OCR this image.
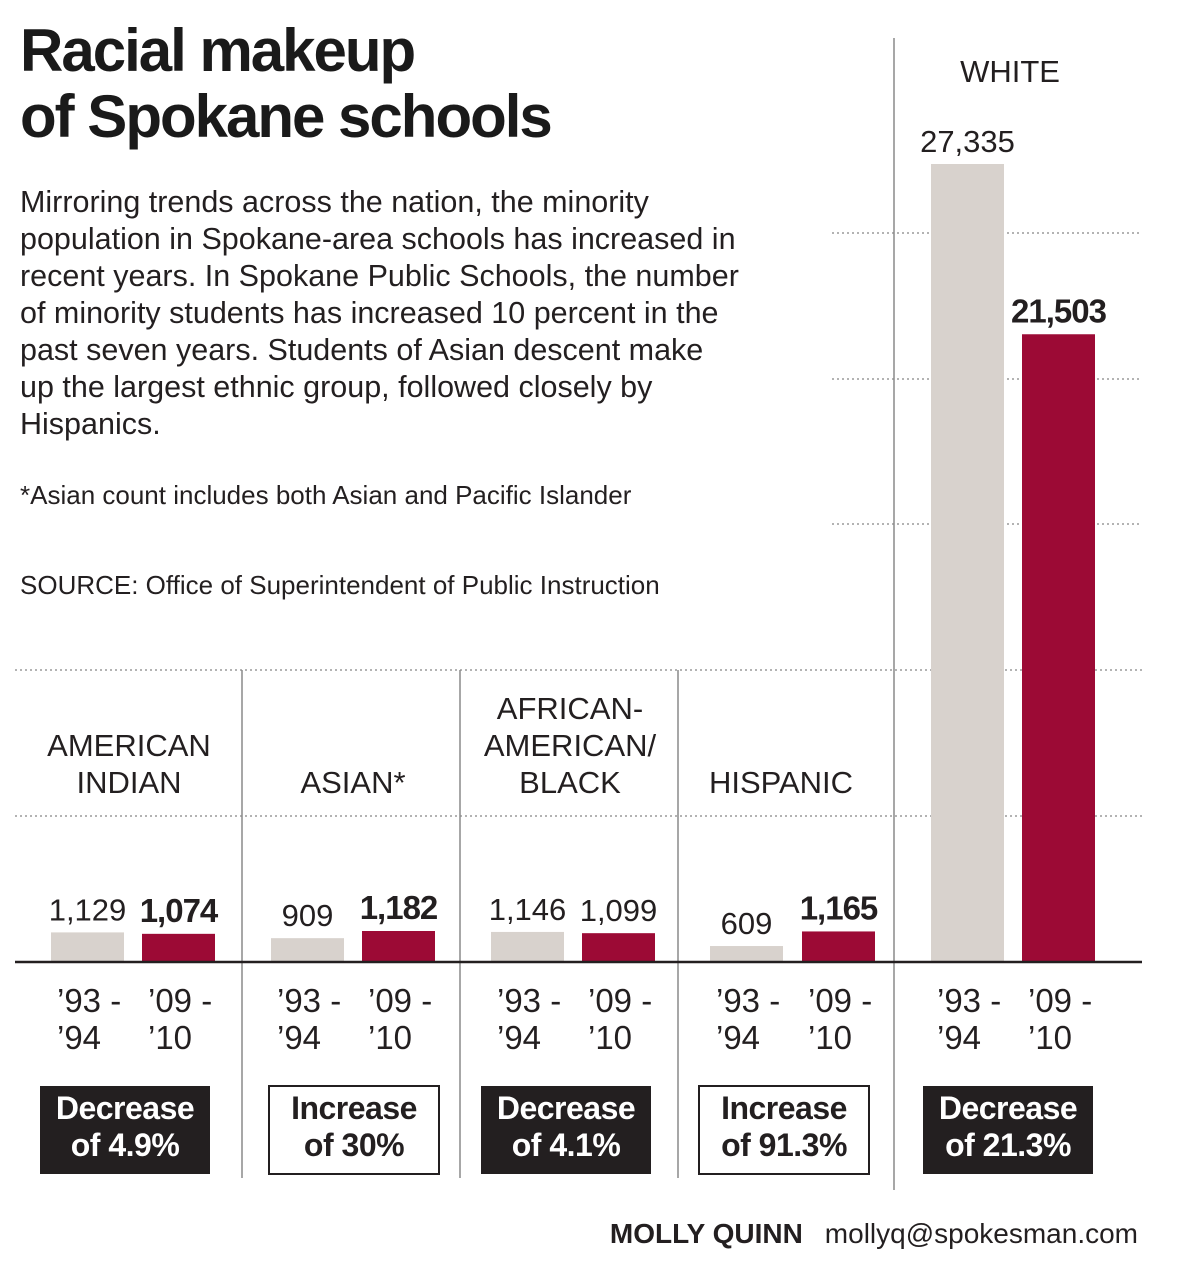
Racial makeup
of Spokane schools

Mirroring trends across the nation, the minority population in Spokane-area schools has increased in recent years. In Spokane Public Schools, the number of minority students has increased 10 percent in the past seven years. Students of Asian descent make up the largest ethnic group, followed closely by Hispanics.

*Asian count includes both Asian and Pacific Islander

SOURCE: Office of Superintendent of Public Instruction

AMERICAN
INDIAN
1,129
’93 -
’94
1,074
’09 -
’10
Decrease
of 4.9%
ASIAN*
909
’93 -
’94
1,182
’09 -
’10
Increase
of 30%
AFRICAN-
AMERICAN/
BLACK
1,146
’93 -
’94
1,099
’09 -
’10
Decrease
of 4.1%
HISPANIC
609
’93 -
’94
1,165
’09 -
’10
Increase
of 91.3%
WHITE
27,335
’93 -
’94
21,503
’09 -
’10
Decrease
of 21.3%
MOLLY QUINN mollyq@spokesman.com
